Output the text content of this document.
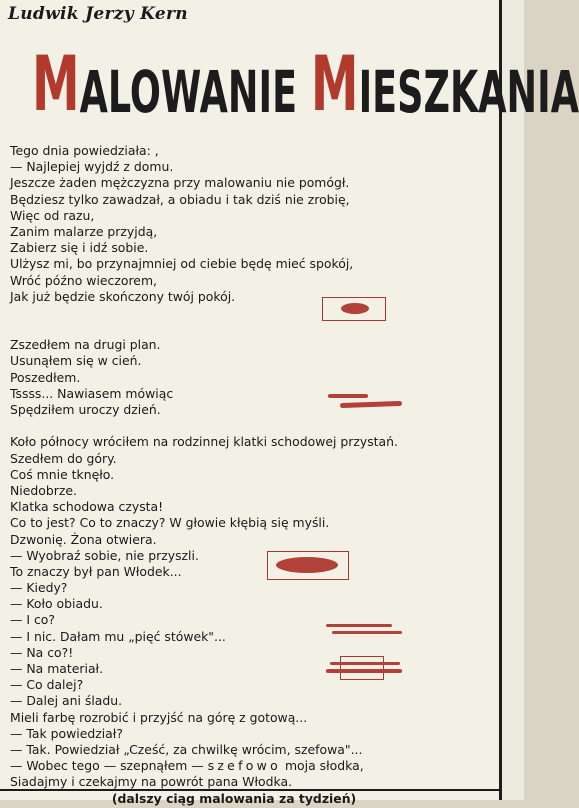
Ludwik Jerzy Kern
M ALOWANIE M IESZKANIA
Tego dnia powiedziała: ,
— Najlepiej wyjdź z domu.
Jeszcze żaden mężczyzna przy malowaniu nie pomógł.
Będziesz tylko zawadzał, a obiadu i tak dziś nie zrobię,
Więc od razu,
Zanim malarze przyjdą,
Zabierz się i idź sobie.
Ulżysz mi, bo przynajmniej od ciebie będę mieć spokój,
Wróć późno wieczorem,
Jak już będzie skończony twój pokój.
Zszedłem na drugi plan.
Usunąłem się w cień.
Poszedłem.
Tssss... Nawiasem mówiąc
Spędziłem uroczy dzień.
Koło północy wróciłem na rodzinnej klatki schodowej przystań.
Szedłem do góry.
Coś mnie tknęło.
Niedobrze.
Klatka schodowa czysta!
Co to jest? Co to znaczy? W głowie kłębią się myśli.
Dzwonię. Żona otwiera.
— Wyobraź sobie, nie przyszli.
To znaczy był pan Włodek...
— Kiedy?
— Koło obiadu.
— I co?
— I nic. Dałam mu „pięć stówek"...
— Na co?!
— Na materiał.
— Co dalej?
— Dalej ani śladu.
Mieli farbę rozrobić i przyjść na górę z gotową...
— Tak powiedział?
— Tak. Powiedział „Cześć, za chwilkę wrócim, szefowa"...
— Wobec tego — szepnąłem — szefowo moja słodka,
Siadajmy i czekajmy na powrót pana Włodka.
(dalszy ciąg malowania za tydzień)
